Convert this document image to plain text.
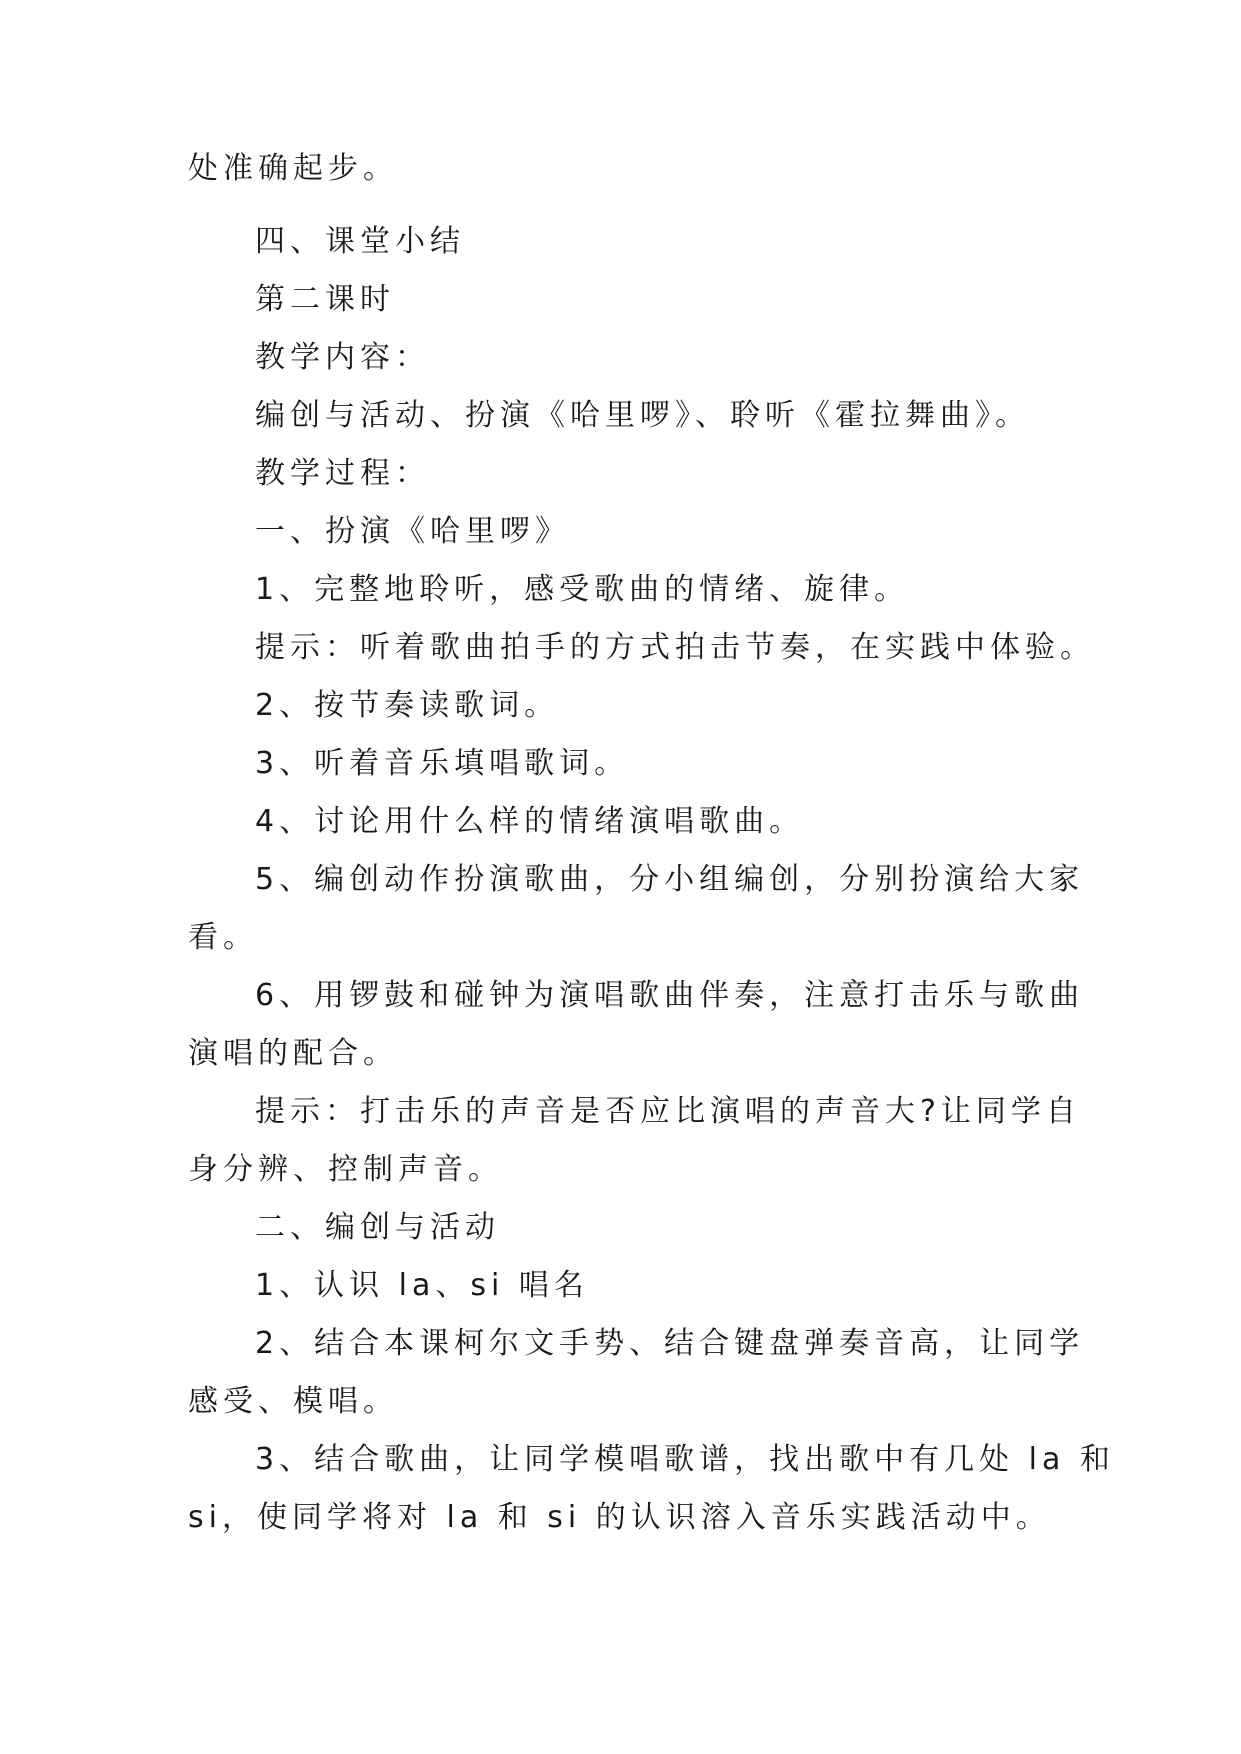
处准确起步。
四、课堂小结
第二课时
教学内容：
编创与活动、扮演《哈里啰》、聆听《霍拉舞曲》。
教学过程：
一、扮演《哈里啰》
1、完整地聆听，感受歌曲的情绪、旋律。
提示：听着歌曲拍手的方式拍击节奏，在实践中体验。
2、按节奏读歌词。
3、听着音乐填唱歌词。
4、讨论用什么样的情绪演唱歌曲。
5、编创动作扮演歌曲，分小组编创，分别扮演给大家
看。
6、用锣鼓和碰钟为演唱歌曲伴奏，注意打击乐与歌曲
演唱的配合。
提示：打击乐的声音是否应比演唱的声音大?让同学自
身分辨、控制声音。
二、编创与活动
1、认识 la、si 唱名
2、结合本课柯尔文手势、结合键盘弹奏音高，让同学
感受、模唱。
3、结合歌曲，让同学模唱歌谱，找出歌中有几处 la 和
si，使同学将对 la 和 si 的认识溶入音乐实践活动中。
